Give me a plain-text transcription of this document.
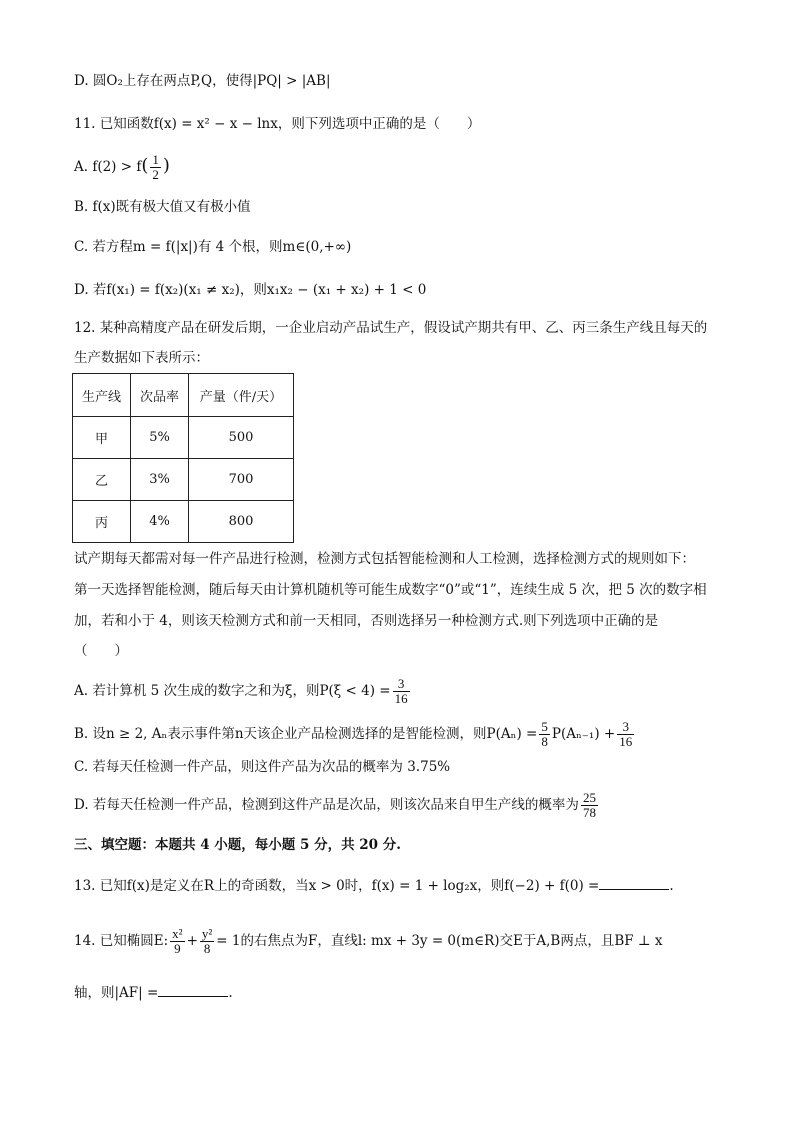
D. 圆O₂上存在两点P,Q，使得|PQ| > |AB|
11. 已知函数f(x) = x² − x − lnx，则下列选项中正确的是（　　）
A. $f(2) > f( \frac{1}{2}$ )
B. f(x)既有极大值又有极小值
C. 若方程m = f(|x|)有 4 个根，则m∈(0,+∞)
D. 若f(x₁) = f(x₂)(x₁ ≠ x₂)，则x₁x₂ − (x₁ + x₂) + 1 < 0
12. 某种高精度产品在研发后期，一企业启动产品试生产，假设试产期共有甲、乙、丙三条生产线且每天的
生产数据如下表所示：
生产线	次品率	产量（件/天）
甲	5%	500
乙	3%	700
丙	4%	800
试产期每天都需对每一件产品进行检测，检测方式包括智能检测和人工检测，选择检测方式的规则如下：
第一天选择智能检测，随后每天由计算机随机等可能生成数字“0”或“1”，连续生成 5 次，把 5 次的数字相
加，若和小于 4，则该天检测方式和前一天相同，否则选择另一种检测方式.则下列选项中正确的是
（　　）
A. 若计算机 5 次生成的数字之和为ξ，则$P(\xi < 4) = \frac{3}{16}$
B. 设n ≥ 2, Aₙ表示事件第n天该企业产品检测选择的是智能检测，则$P(A_n) = \frac{5}{8} P(A_{n-1}) + \frac{3}{16}$
C. 若每天任检测一件产品，则这件产品为次品的概率为 3.75%
D. 若每天任检测一件产品，检测到这件产品是次品，则该次品来自甲生产线的概率为 $\frac{25}{78}$
三、填空题：本题共 4 小题，每小题 5 分，共 20 分.
13. 已知f(x)是定义在R上的奇函数，当x > 0时，f(x) = 1 + log₂x，则f(−2) + f(0) =	.
14. 已知椭圆E: $\frac{\text{x²}}{9} + \frac{\text{y²}}{8} = 1$的右焦点为F，直线l: mx + 3y = 0(m∈R)交E于A,B两点，且BF ⊥ x
轴，则|AF| =	.
